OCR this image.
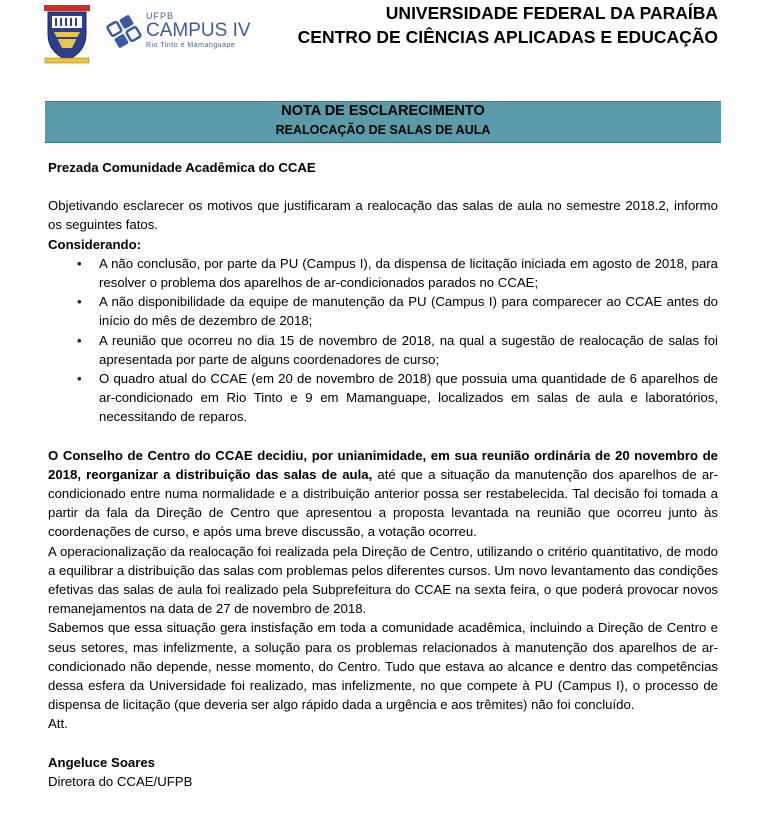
UFPB
CAMPUS IV
Rio Tinto e Mamanguape
UNIVERSIDADE FEDERAL DA PARAÍBA
CENTRO DE CIÊNCIAS APLICADAS E EDUCAÇÃO
NOTA DE ESCLARECIMENTO
REALOCAÇÃO DE SALAS DE AULA

Prezada Comunidade Acadêmica do CCAE

Objetivando esclarecer os motivos que justificaram a realocação das salas de aula no semestre 2018.2, informo os seguintes fatos.

Considerando:

• A não conclusão, por parte da PU (Campus I), da dispensa de licitação iniciada em agosto de 2018, para resolver o problema dos aparelhos de ar-condicionados parados no CCAE;
• A não disponibilidade da equipe de manutenção da PU (Campus I) para comparecer ao CCAE antes do início do mês de dezembro de 2018;
• A reunião que ocorreu no dia 15 de novembro de 2018, na qual a sugestão de realocação de salas foi apresentada por parte de alguns coordenadores de curso;
• O quadro atual do CCAE (em 20 de novembro de 2018) que possuia uma quantidade de 6 aparelhos de ar-condicionado em Rio Tinto e 9 em Mamanguape, localizados em salas de aula e laboratórios, necessitando de reparos.

O Conselho de Centro do CCAE decidiu, por unianimidade, em sua reunião ordinária de 20 novembro de 2018, reorganizar a distribuição das salas de aula, até que a situação da manutenção dos aparelhos de ar-condicionado entre numa normalidade e a distribuição anterior possa ser restabelecida. Tal decisão foi tomada a partir da fala da Direção de Centro que apresentou a proposta levantada na reunião que ocorreu junto às coordenações de curso, e após uma breve discussão, a votação ocorreu.

A operacionalização da realocação foi realizada pela Direção de Centro, utilizando o critério quantitativo, de modo a equilibrar a distribuição das salas com problemas pelos diferentes cursos. Um novo levantamento das condições efetivas das salas de aula foi realizado pela Subprefeitura do CCAE na sexta feira, o que poderá provocar novos remanejamentos na data de 27 de novembro de 2018.

Sabemos que essa situação gera instisfação em toda a comunidade acadêmica, incluindo a Direção de Centro e seus setores, mas infelizmente, a solução para os problemas relacionados à manutenção dos aparelhos de ar-condicionado não depende, nesse momento, do Centro. Tudo que estava ao alcance e dentro das competências dessa esfera da Universidade foi realizado, mas infelizmente, no que compete à PU (Campus I), o processo de dispensa de licitação (que deveria ser algo rápido dada a urgência e aos trêmites) não foi concluído.

Att.

Angeluce Soares

Diretora do CCAE/UFPB
